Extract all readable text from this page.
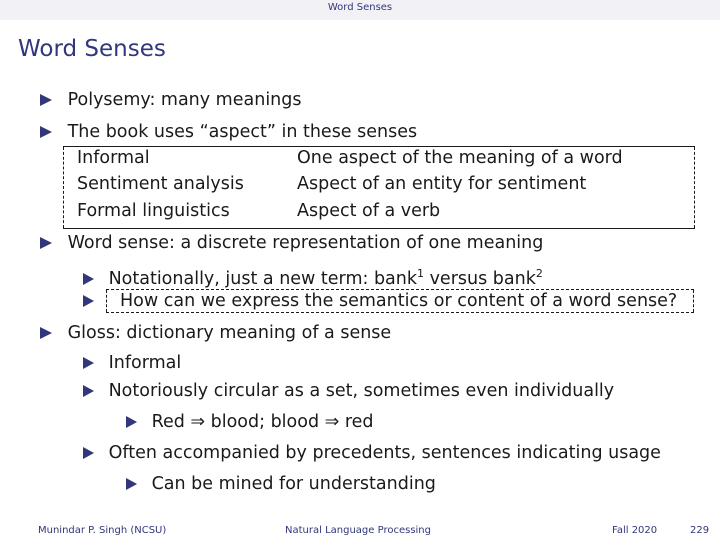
Word Senses
Word Senses
Polysemy: many meanings
The book uses “aspect” in these senses
Informal	One aspect of the meaning of a word
Sentiment analysis	Aspect of an entity for sentiment
Formal linguistics	Aspect of a verb
Word sense: a discrete representation of one meaning
Notationally, just a new term: bank$^1$ versus bank$^2$
How can we express the semantics or content of a word sense?
Gloss: dictionary meaning of a sense
Informal
Notoriously circular as a set, sometimes even individually
Red ⇒ blood; blood ⇒ red
Often accompanied by precedents, sentences indicating usage
Can be mined for understanding
Munindar P. Singh (NCSU)	Natural Language Processing	Fall 2020	229
